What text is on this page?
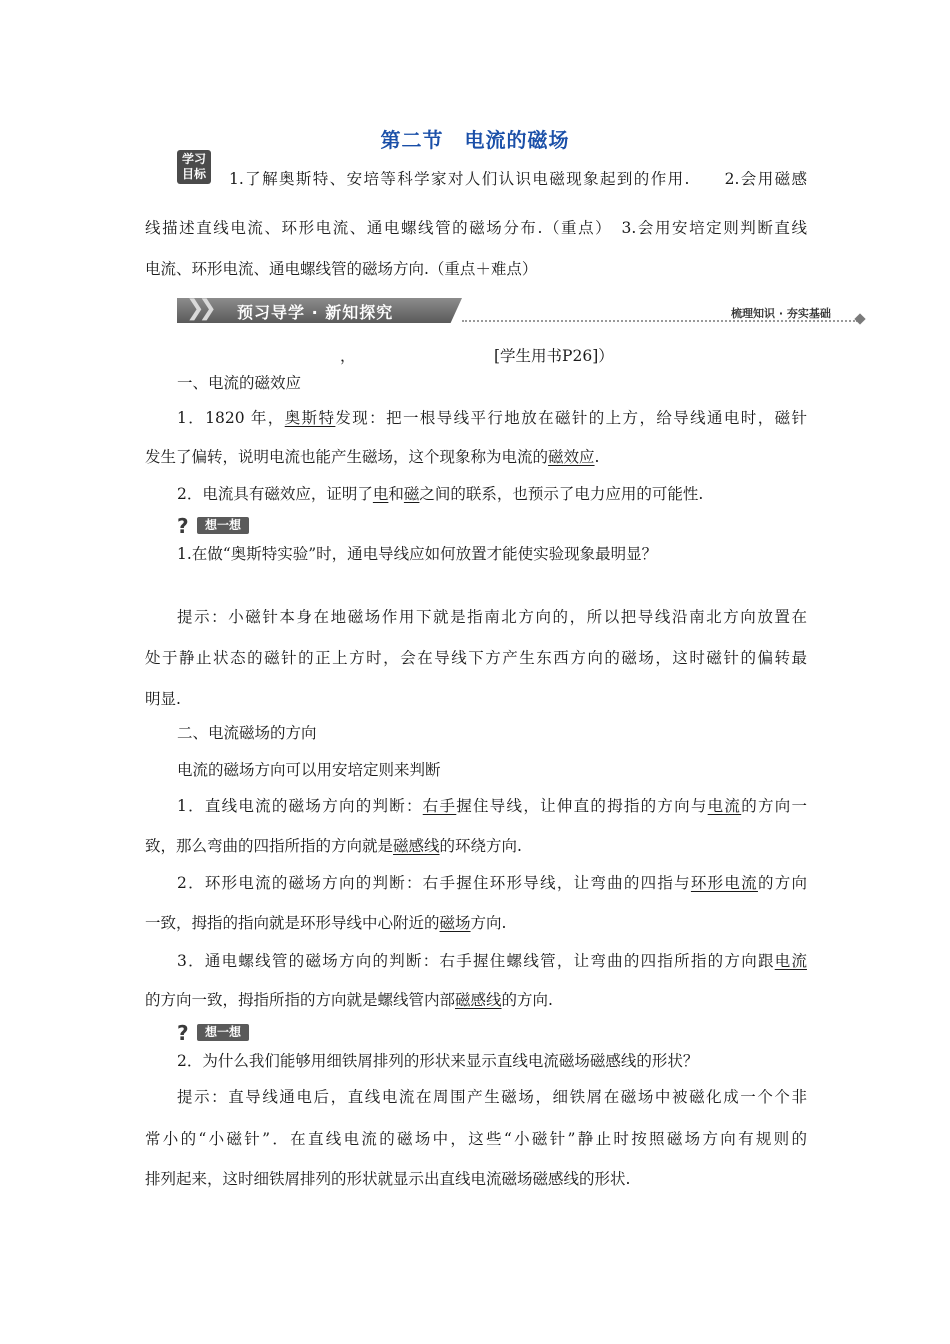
第二节　电流的磁场
学习
目标	1.了解奥斯特、安培等科学家对人们认识电磁现象起到的作用.　　2.会用磁感
线描述直线电流、环形电流、通电螺线管的磁场分布.（重点）　3.会用安培定则判断直线
电流、环形电流、通电螺线管的磁场方向.（重点＋难点）
❯❯ 预习导学 · 新知探究	梳理知识 · 夯实基础
，	[学生用书P26]）
一、电流的磁效应
1．1820 年，奥斯特发现：把一根导线平行地放在磁针的上方，给导线通电时，磁针
发生了偏转，说明电流也能产生磁场，这个现象称为电流的磁效应.
2．电流具有磁效应，证明了电和磁之间的联系，也预示了电力应用的可能性.
?	想一想
1.在做“奥斯特实验”时，通电导线应如何放置才能使实验现象最明显？
提示：小磁针本身在地磁场作用下就是指南北方向的，所以把导线沿南北方向放置在
处于静止状态的磁针的正上方时，会在导线下方产生东西方向的磁场，这时磁针的偏转最
明显.
二、电流磁场的方向
电流的磁场方向可以用安培定则来判断
1．直线电流的磁场方向的判断：右手握住导线，让伸直的拇指的方向与电流的方向一
致，那么弯曲的四指所指的方向就是磁感线的环绕方向.
2．环形电流的磁场方向的判断：右手握住环形导线，让弯曲的四指与环形电流的方向
一致，拇指的指向就是环形导线中心附近的磁场方向.
3．通电螺线管的磁场方向的判断：右手握住螺线管，让弯曲的四指所指的方向跟电流
的方向一致，拇指所指的方向就是螺线管内部磁感线的方向.
?	想一想
2．为什么我们能够用细铁屑排列的形状来显示直线电流磁场磁感线的形状？
提示：直导线通电后，直线电流在周围产生磁场，细铁屑在磁场中被磁化成一个个非
常小的“小磁针”．在直线电流的磁场中，这些“小磁针”静止时按照磁场方向有规则的
排列起来，这时细铁屑排列的形状就显示出直线电流磁场磁感线的形状.
